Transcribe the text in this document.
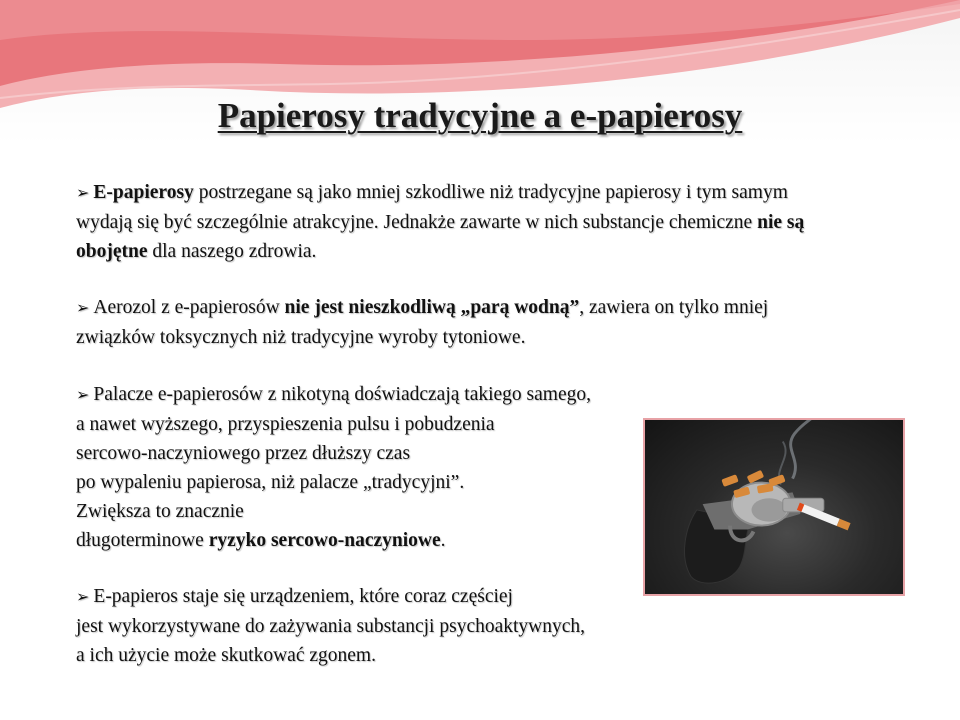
Papierosy tradycyjne a e-papierosy

➢ E-papierosy postrzegane są jako mniej szkodliwe niż tradycyjne papierosy i tym samym wydają się być szczególnie atrakcyjne. Jednakże zawarte w nich substancje chemiczne nie są obojętne dla naszego zdrowia.

➢ Aerozol z e-papierosów nie jest nieszkodliwą „parą wodną”, zawiera on tylko mniej związków toksycznych niż tradycyjne wyroby tytoniowe.

➢ Palacze e-papierosów z nikotyną doświadczają takiego samego,
a nawet wyższego, przyspieszenia pulsu i pobudzenia
sercowo-naczyniowego przez dłuższy czas
po wypaleniu papierosa, niż palacze „tradycyjni”.
Zwiększa to znacznie
długoterminowe ryzyko sercowo-naczyniowe.

➢ E-papieros staje się urządzeniem, które coraz częściej
jest wykorzystywane do zażywania substancji psychoaktywnych,
a ich użycie może skutkować zgonem.
